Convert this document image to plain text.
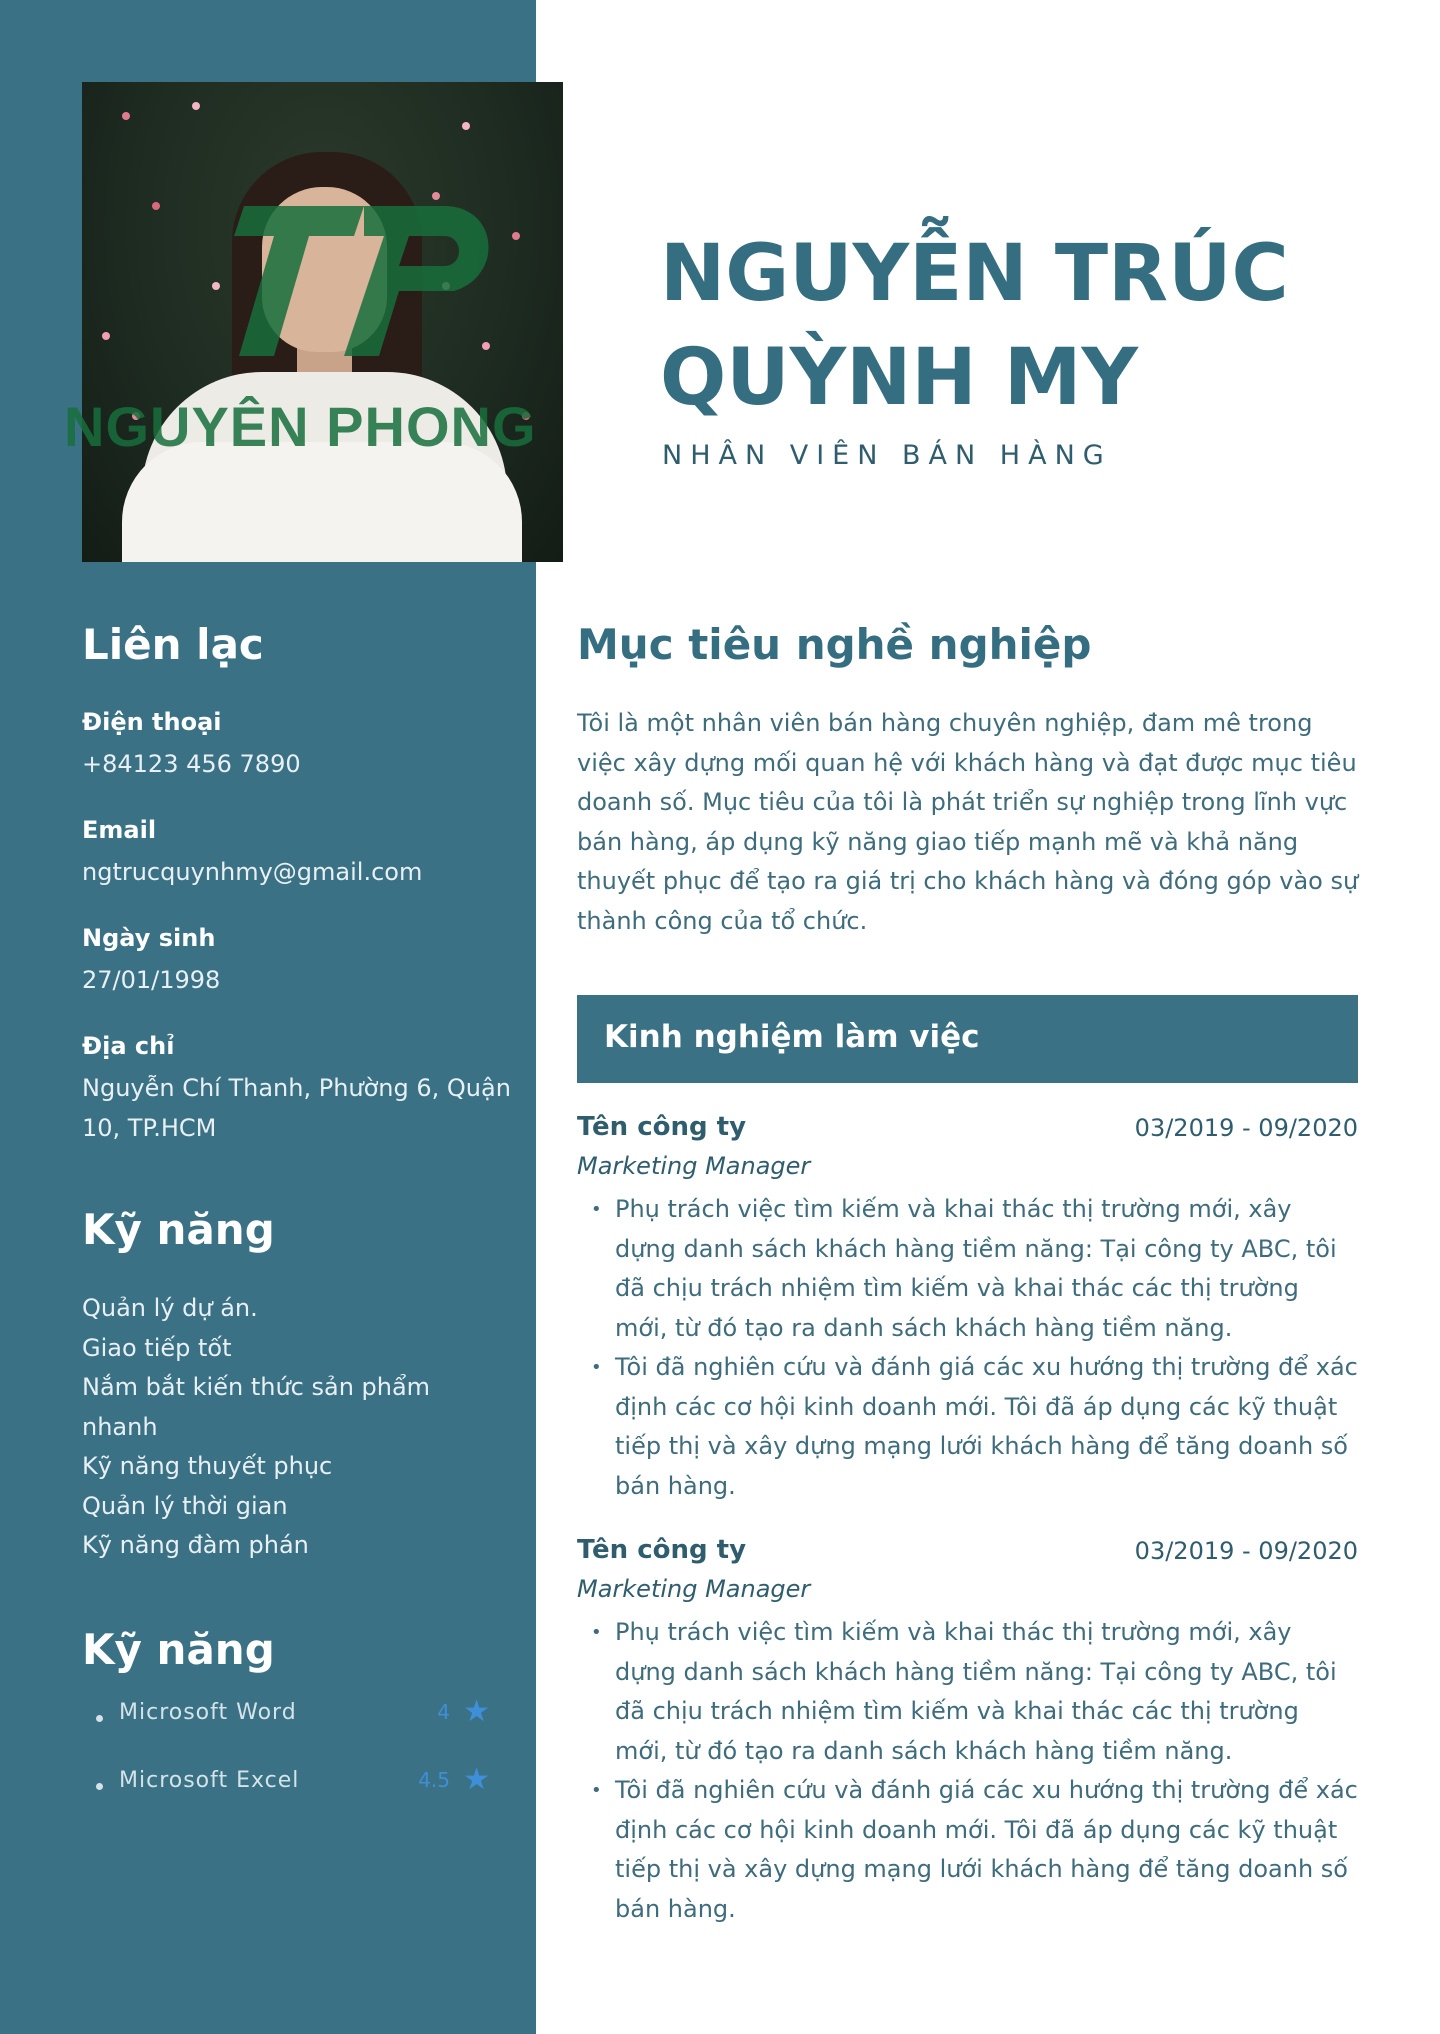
NGUYÊN PHONG
NGUYỄN TRÚC
QUỲNH MY
NHÂN VIÊN BÁN HÀNG
Liên lạc
Điện thoại
+84123 456 7890
Email
ngtrucquynhmy@gmail.com
Ngày sinh
27/01/1998
Địa chỉ
Nguyễn Chí Thanh, Phường 6, Quận 10, TP.HCM
Kỹ năng
Quản lý dự án.
Giao tiếp tốt
Nắm bắt kiến thức sản phẩm nhanh
Kỹ năng thuyết phục
Quản lý thời gian
Kỹ năng đàm phán
Kỹ năng
Microsoft Word	4 ★
Microsoft Excel	4.5 ★
Mục tiêu nghề nghiệp
Tôi là một nhân viên bán hàng chuyên nghiệp, đam mê trong việc xây dựng mối quan hệ với khách hàng và đạt được mục tiêu doanh số. Mục tiêu của tôi là phát triển sự nghiệp trong lĩnh vực bán hàng, áp dụng kỹ năng giao tiếp mạnh mẽ và khả năng thuyết phục để tạo ra giá trị cho khách hàng và đóng góp vào sự thành công của tổ chức.
Kinh nghiệm làm việc
Tên công ty	03/2019 - 09/2020
Marketing Manager
• Phụ trách việc tìm kiếm và khai thác thị trường mới, xây dựng danh sách khách hàng tiềm năng: Tại công ty ABC, tôi đã chịu trách nhiệm tìm kiếm và khai thác các thị trường mới, từ đó tạo ra danh sách khách hàng tiềm năng.
• Tôi đã nghiên cứu và đánh giá các xu hướng thị trường để xác định các cơ hội kinh doanh mới. Tôi đã áp dụng các kỹ thuật tiếp thị và xây dựng mạng lưới khách hàng để tăng doanh số bán hàng.
Tên công ty	03/2019 - 09/2020
Marketing Manager
• Phụ trách việc tìm kiếm và khai thác thị trường mới, xây dựng danh sách khách hàng tiềm năng: Tại công ty ABC, tôi đã chịu trách nhiệm tìm kiếm và khai thác các thị trường mới, từ đó tạo ra danh sách khách hàng tiềm năng.
• Tôi đã nghiên cứu và đánh giá các xu hướng thị trường để xác định các cơ hội kinh doanh mới. Tôi đã áp dụng các kỹ thuật tiếp thị và xây dựng mạng lưới khách hàng để tăng doanh số bán hàng.
